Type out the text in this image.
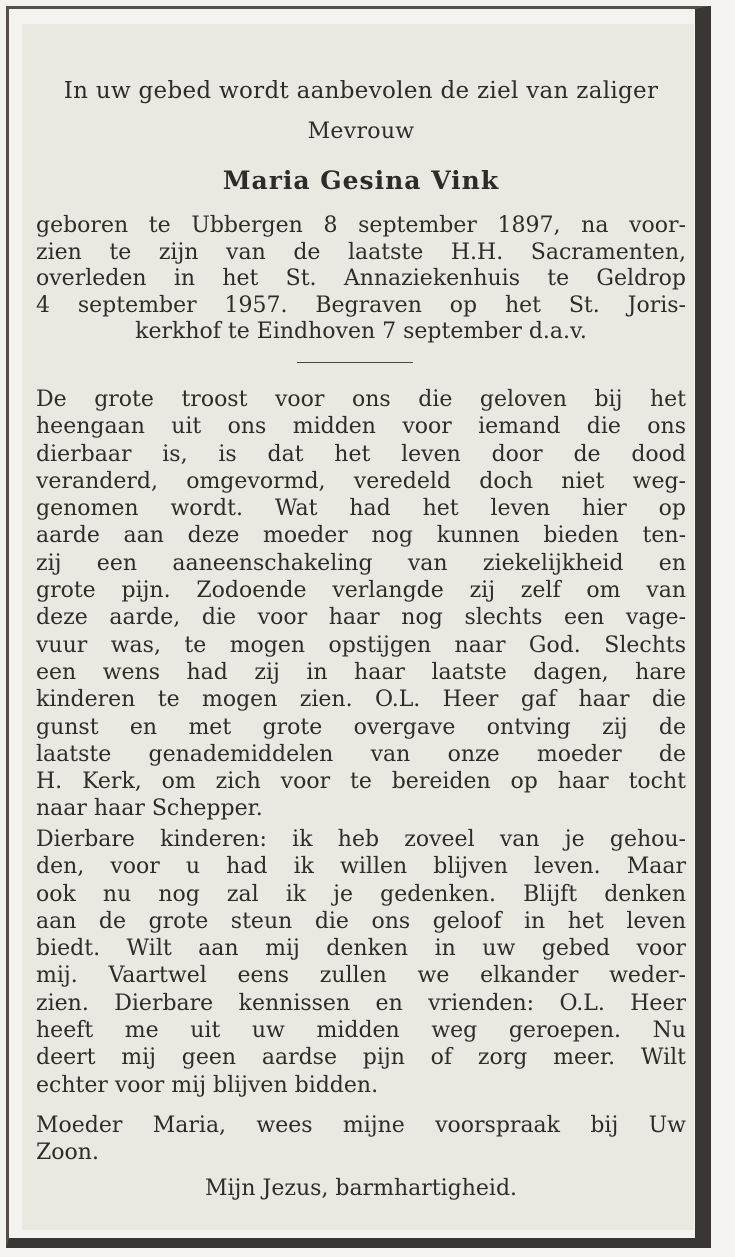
In uw gebed wordt aanbevolen de ziel van zaliger
Mevrouw
Maria Gesina Vink
geboren te Ubbergen 8 september 1897, na voor-
zien te zijn van de laatste H.H. Sacramenten,
overleden in het St. Annaziekenhuis te Geldrop
4 september 1957. Begraven op het St. Joris-
kerkhof te Eindhoven 7 september d.a.v.
De grote troost voor ons die geloven bij het
heengaan uit ons midden voor iemand die ons
dierbaar is, is dat het leven door de dood
veranderd, omgevormd, veredeld doch niet weg-
genomen wordt. Wat had het leven hier op
aarde aan deze moeder nog kunnen bieden ten-
zij een aaneenschakeling van ziekelijkheid en
grote pijn. Zodoende verlangde zij zelf om van
deze aarde, die voor haar nog slechts een vage-
vuur was, te mogen opstijgen naar God. Slechts
een wens had zij in haar laatste dagen, hare
kinderen te mogen zien. O.L. Heer gaf haar die
gunst en met grote overgave ontving zij de
laatste genademiddelen van onze moeder de
H. Kerk, om zich voor te bereiden op haar tocht
naar haar Schepper.
Dierbare kinderen: ik heb zoveel van je gehou-
den, voor u had ik willen blijven leven. Maar
ook nu nog zal ik je gedenken. Blijft denken
aan de grote steun die ons geloof in het leven
biedt. Wilt aan mij denken in uw gebed voor
mij. Vaartwel eens zullen we elkander weder-
zien. Dierbare kennissen en vrienden: O.L. Heer
heeft me uit uw midden weg geroepen. Nu
deert mij geen aardse pijn of zorg meer. Wilt
echter voor mij blijven bidden.
Moeder Maria, wees mijne voorspraak bij Uw
Zoon.
Mijn Jezus, barmhartigheid.
